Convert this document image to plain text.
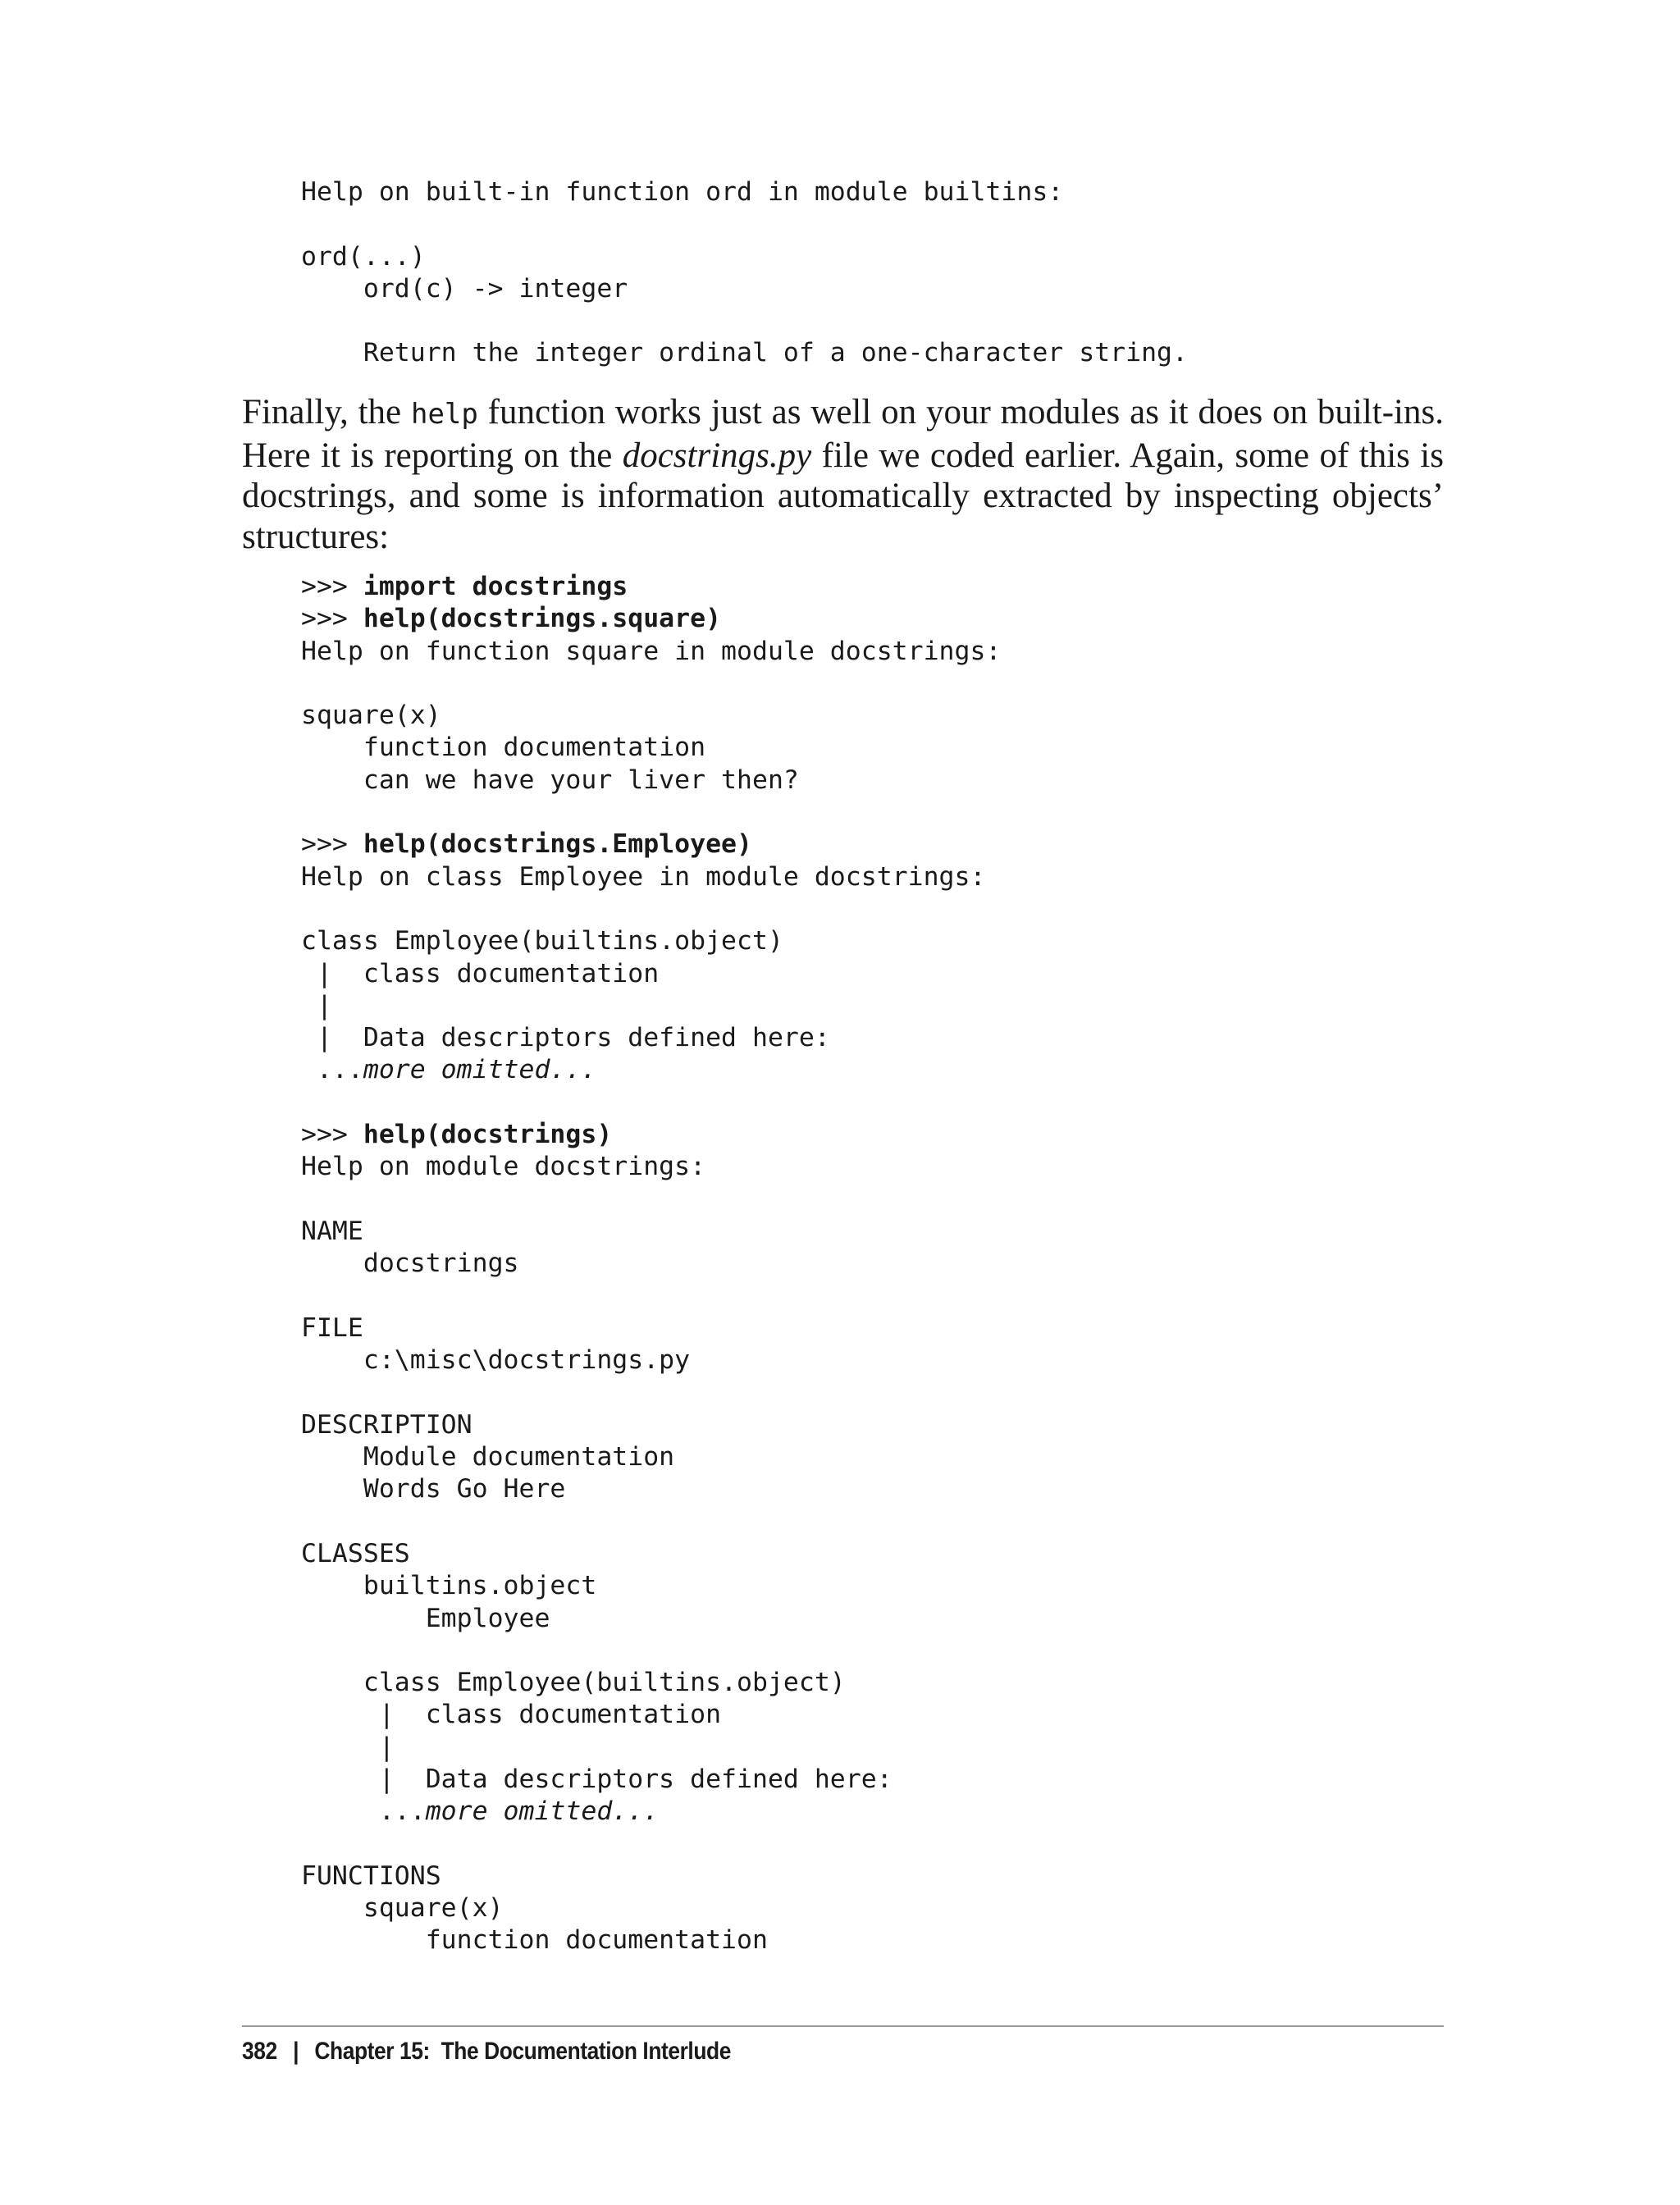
Help on built-in function ord in module builtins:

ord(...)
ord(c) -> integer

Return the integer ordinal of a one-character string.

Finally, the help function works just as well on your modules as it does on built-ins. Here it is reporting on the docstrings.py file we coded earlier. Again, some of this is docstrings, and some is information automatically extracted by inspecting objects’ structures:

>>> import docstrings
>>> help(docstrings.square)
Help on function square in module docstrings:

square(x)
function documentation
can we have your liver then?

>>> help(docstrings.Employee)
Help on class Employee in module docstrings:

class Employee(builtins.object)
|  class documentation
|
|  Data descriptors defined here:
...more omitted...

>>> help(docstrings)
Help on module docstrings:

NAME
docstrings

FILE
c:\misc\docstrings.py

DESCRIPTION
Module documentation
Words Go Here

CLASSES
builtins.object
Employee

class Employee(builtins.object)
|  class documentation
|
|  Data descriptors defined here:
...more omitted...

FUNCTIONS
square(x)
function documentation
382 | Chapter 15:  The Documentation Interlude
